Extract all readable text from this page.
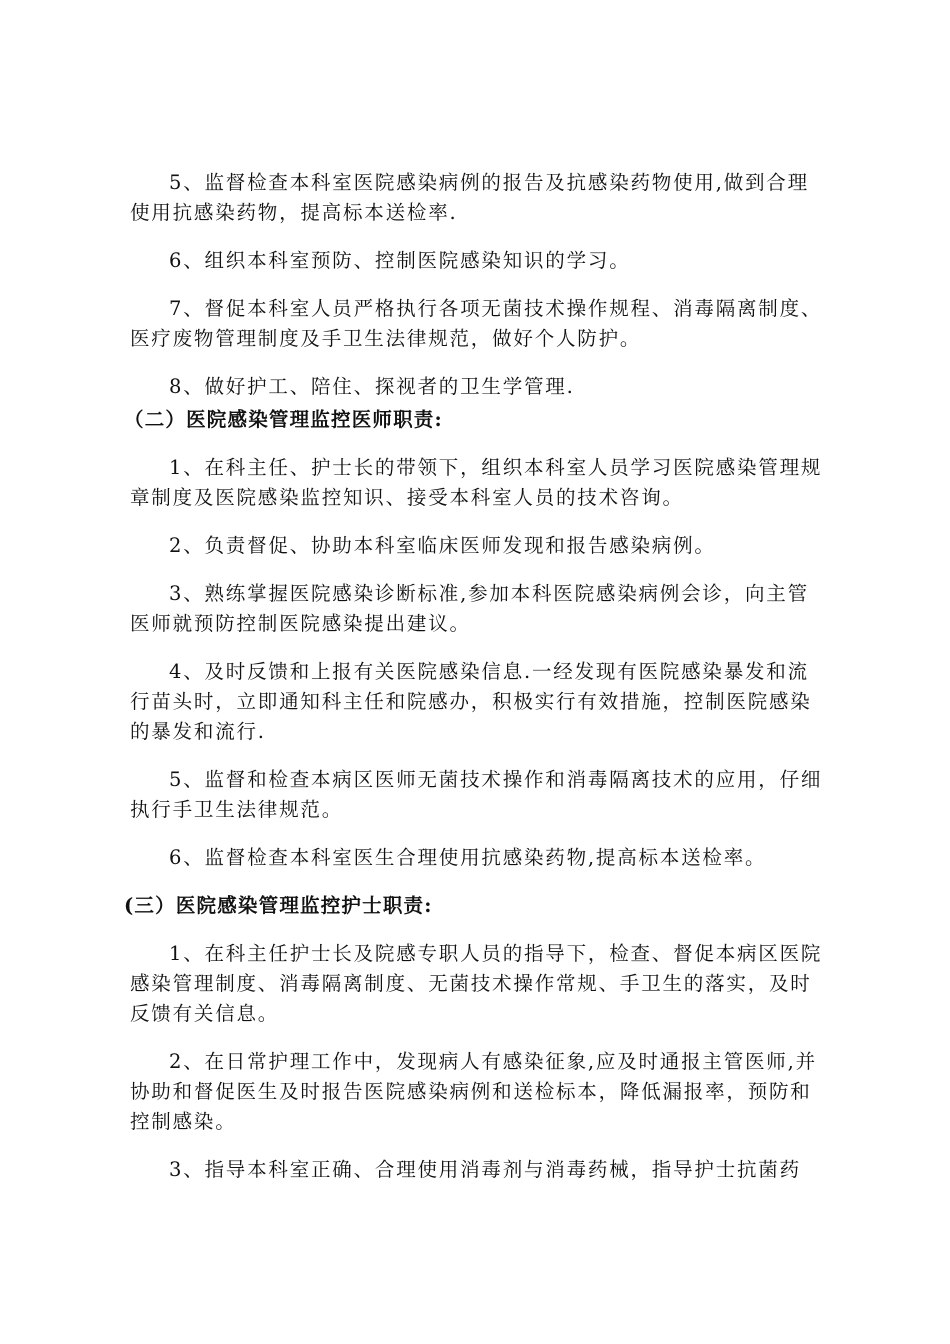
5、监督检查本科室医院感染病例的报告及抗感染药物使用,做到合理使用抗感染药物，提高标本送检率.

6、组织本科室预防、控制医院感染知识的学习。

7、督促本科室人员严格执行各项无菌技术操作规程、消毒隔离制度、医疗废物管理制度及手卫生法律规范，做好个人防护。

8、做好护工、陪住、探视者的卫生学管理.

（二）医院感染管理监控医师职责:

1、在科主任、护士长的带领下，组织本科室人员学习医院感染管理规章制度及医院感染监控知识、接受本科室人员的技术咨询。

2、负责督促、协助本科室临床医师发现和报告感染病例。

3、熟练掌握医院感染诊断标准,参加本科医院感染病例会诊，向主管医师就预防控制医院感染提出建议。

4、及时反馈和上报有关医院感染信息.一经发现有医院感染暴发和流行苗头时，立即通知科主任和院感办，积极实行有效措施，控制医院感染的暴发和流行.

5、监督和检查本病区医师无菌技术操作和消毒隔离技术的应用，仔细执行手卫生法律规范。

6、监督检查本科室医生合理使用抗感染药物,提高标本送检率。

(三）医院感染管理监控护士职责:

1、在科主任护士长及院感专职人员的指导下，检查、督促本病区医院感染管理制度、消毒隔离制度、无菌技术操作常规、手卫生的落实，及时反馈有关信息。

2、在日常护理工作中，发现病人有感染征象,应及时通报主管医师,并协助和督促医生及时报告医院感染病例和送检标本，降低漏报率，预防和控制感染。

3、指导本科室正确、合理使用消毒剂与消毒药械，指导护士抗菌药
